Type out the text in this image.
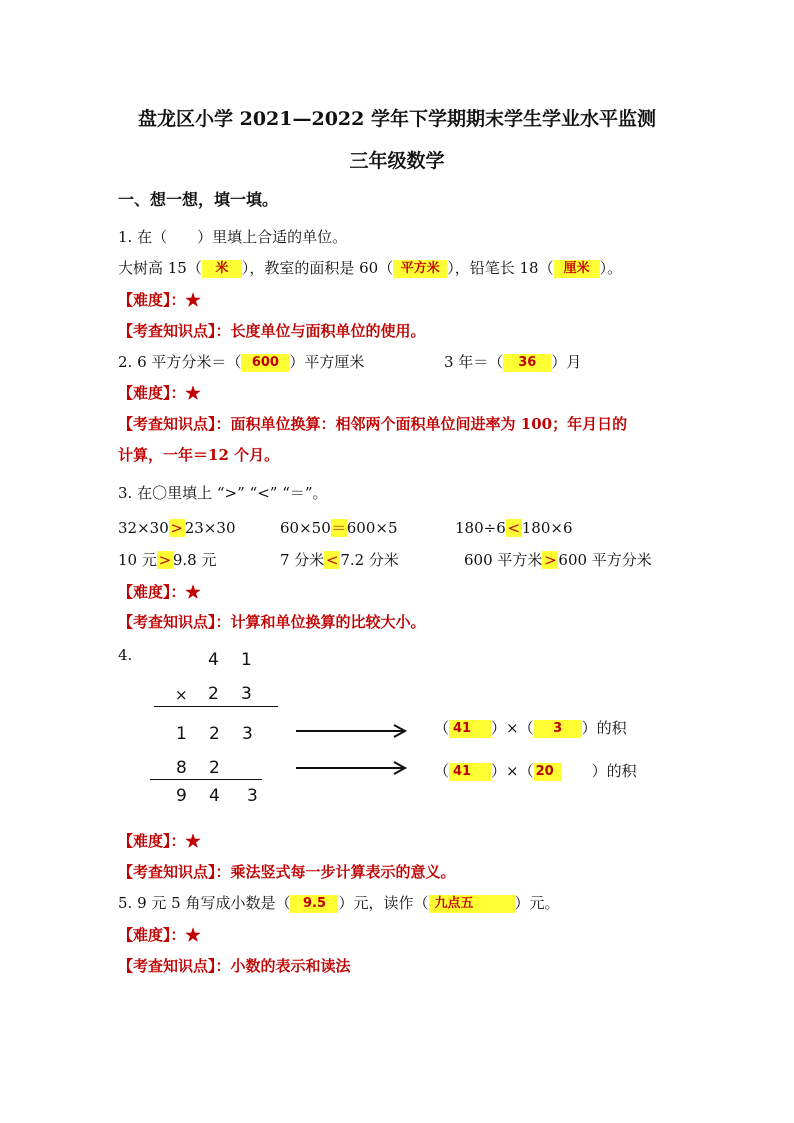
盘龙区小学 2021—2022 学年下学期期末学生学业水平监测
三年级数学
一、想一想，填一填。
1. 在（　　）里填上合适的单位。
大树高 15（ 米 ），教室的面积是 60（ 平方米 ），铅笔长 18（ 厘米 ）。
【难度】：★
【考查知识点】：长度单位与面积单位的使用。
2. 6 平方分米＝（ 600 ）平方厘米	3 年＝（ 36 ）月
【难度】：★
【考查知识点】：面积单位换算：相邻两个面积单位间进率为 100；年月日的
计算，一年＝12 个月。
3. 在〇里填上 “>” “<” “＝”。
32×30 > 23×30	60×50＝600×5	180÷6 < 180×6
10 元 > 9.8 元	7 分米 < 7.2 分米	600 平方米 > 600 平方分米
【难度】：★
【考查知识点】：计算和单位换算的比较大小。
4.	4 1
× 2 3
1 2 3
8 2
9 4 3
（ 41 ）×（ 3 ）的积
（ 41 ）×（ 20	）的积
【难度】：★
【考查知识点】：乘法竖式每一步计算表示的意义。
5. 9 元 5 角写成小数是（ 9.5 ）元，读作（ 九点五	）元。
【难度】：★
【考查知识点】：小数的表示和读法
